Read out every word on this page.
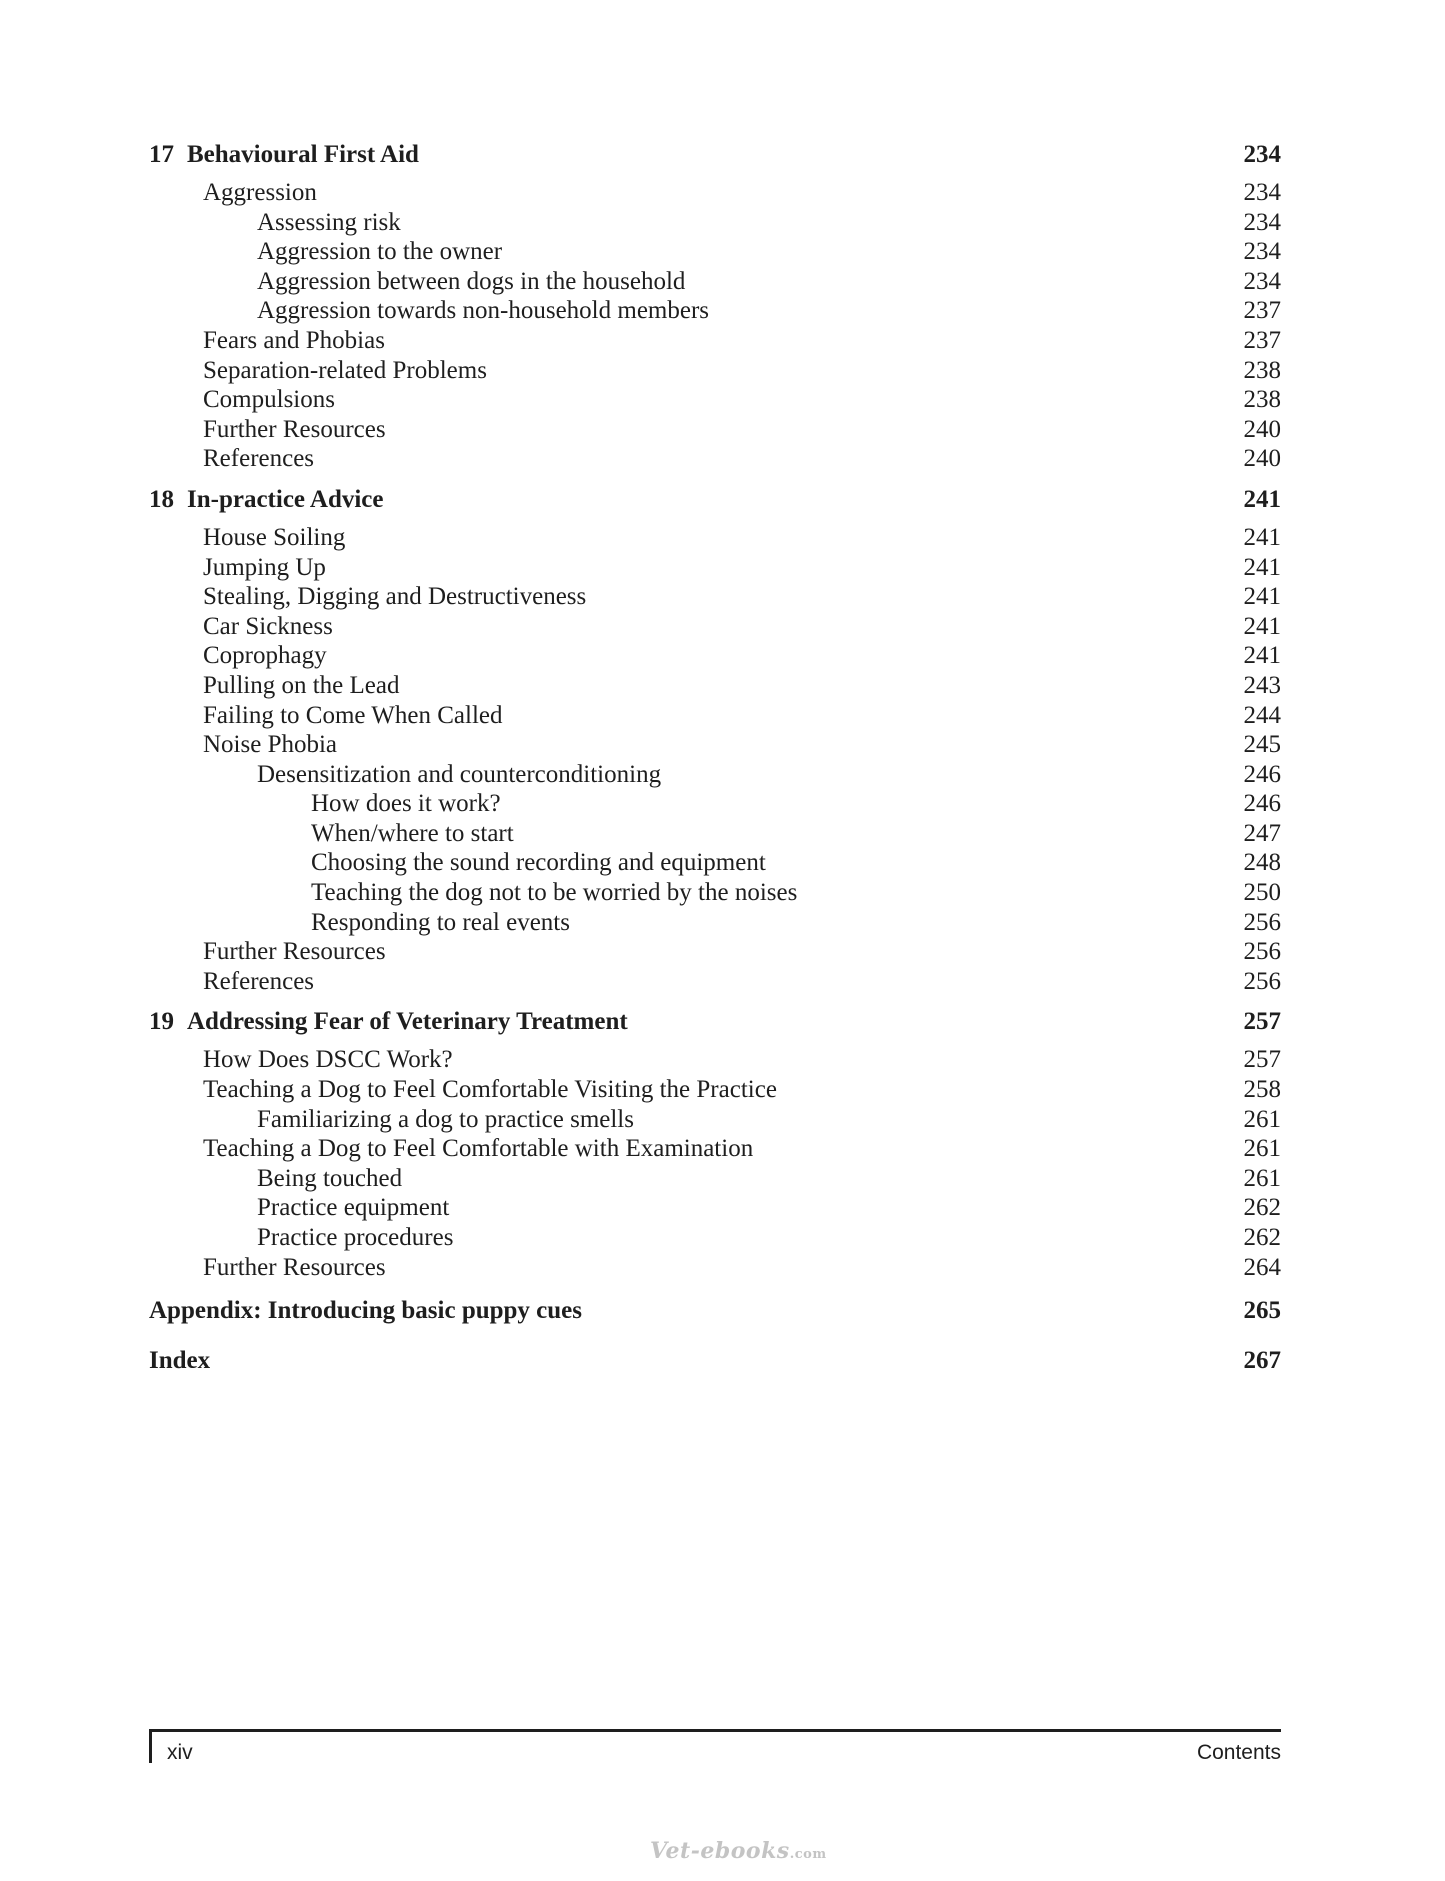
17 Behavioural First Aid	234
Aggression	234
Assessing risk	234
Aggression to the owner	234
Aggression between dogs in the household	234
Aggression towards non-household members	237
Fears and Phobias	237
Separation-related Problems	238
Compulsions	238
Further Resources	240
References	240
18 In-practice Advice	241
House Soiling	241
Jumping Up	241
Stealing, Digging and Destructiveness	241
Car Sickness	241
Coprophagy	241
Pulling on the Lead	243
Failing to Come When Called	244
Noise Phobia	245
Desensitization and counterconditioning	246
How does it work?	246
When/where to start	247
Choosing the sound recording and equipment	248
Teaching the dog not to be worried by the noises	250
Responding to real events	256
Further Resources	256
References	256
19 Addressing Fear of Veterinary Treatment	257
How Does DSCC Work?	257
Teaching a Dog to Feel Comfortable Visiting the Practice	258
Familiarizing a dog to practice smells	261
Teaching a Dog to Feel Comfortable with Examination	261
Being touched	261
Practice equipment	262
Practice procedures	262
Further Resources	264
Appendix: Introducing basic puppy cues	265
Index	267
xiv	Contents
Vet-ebooks.com
